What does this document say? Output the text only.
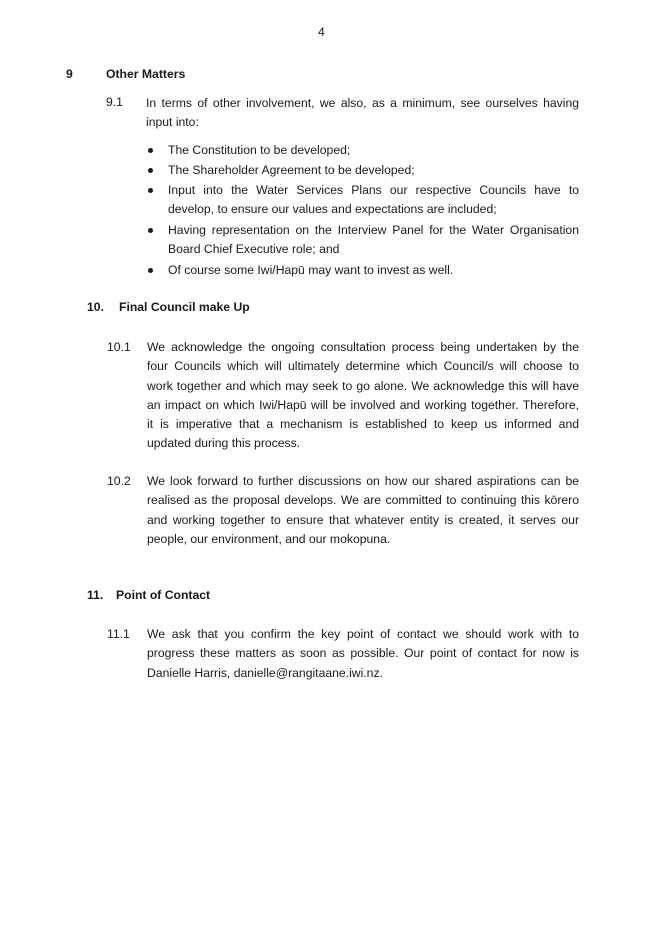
4
9	Other Matters
9.1 In terms of other involvement, we also, as a minimum, see ourselves having
input into:
The Constitution to be developed;
The Shareholder Agreement to be developed;
Input into the Water Services Plans our respective Councils have to
develop, to ensure our values and expectations are included;
Having representation on the Interview Panel for the Water Organisation
Board Chief Executive role; and
Of course some Iwi/Hapū may want to invest as well.
10. Final Council make Up
10.1 We acknowledge the ongoing consultation process being undertaken by the
four Councils which will ultimately determine which Council/s will choose to
work together and which may seek to go alone. We acknowledge this will have
an impact on which Iwi/Hapū will be involved and working together. Therefore,
it is imperative that a mechanism is established to keep us informed and
updated during this process.
10.2 We look forward to further discussions on how our shared aspirations can be
realised as the proposal develops. We are committed to continuing this kōrero
and working together to ensure that whatever entity is created, it serves our
people, our environment, and our mokopuna.
11. Point of Contact
11.1 We ask that you confirm the key point of contact we should work with to
progress these matters as soon as possible. Our point of contact for now is
Danielle Harris, danielle@rangitaane.iwi.nz.
